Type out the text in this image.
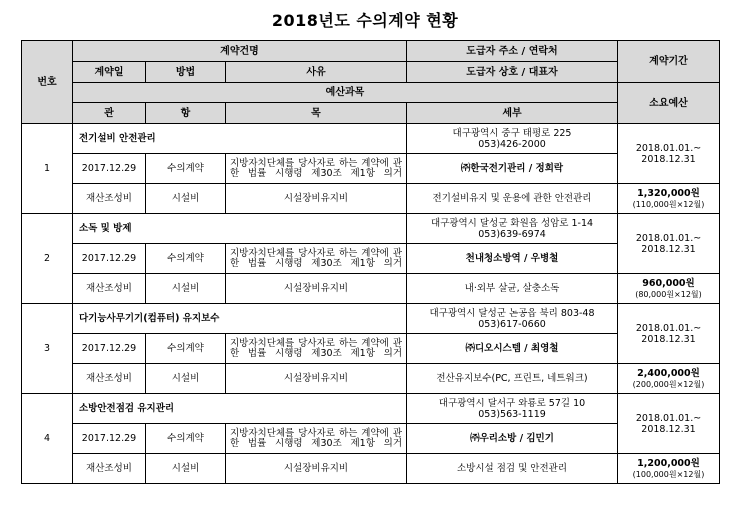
2018년도 수의계약 현황
번호	계약건명			도급자 주소 / 연락처	계약기간
	계약일	방법	사유	도급자 상호 / 대표자	
	예산과목				소요예산
	관	항	목	세부	
1	전기설비 안전관리			대구광역시 중구 태평로 225
053)426-2000	2018.01.01.~
2018.12.31
	2017.12.29	수의계약	지방자치단체를 당사자로 하는 계약에 관한 법률 시행령 제30조 제1항 의거	㈜한국전기관리 / 정희락	
	재산조성비	시설비	시설장비유지비	전기설비유지 및 운용에 관한 안전관리	1,320,000원
(110,000원×12월)
2	소독 및 방제			대구광역시 달성군 화원읍 성암로 1-14
053)639-6974	2018.01.01.~
2018.12.31
	2017.12.29	수의계약	지방자치단체를 당사자로 하는 계약에 관한 법률 시행령 제30조 제1항 의거	천내청소방역 / 우병철	
	재산조성비	시설비	시설장비유지비	내·외부 살균, 살충소독	960,000원
(80,000원×12월)
3	다기능사무기기(컴퓨터) 유지보수			대구광역시 달성군 논공읍 북리 803-48
053)617-0660	2018.01.01.~
2018.12.31
	2017.12.29	수의계약	지방자치단체를 당사자로 하는 계약에 관한 법률 시행령 제30조 제1항 의거	㈜디오시스템 / 최영철	
	재산조성비	시설비	시설장비유지비	전산유지보수(PC, 프린트, 네트워크)	2,400,000원
(200,000원×12월)
4	소방안전점검 유지관리			대구광역시 달서구 와룡로 57길 10
053)563-1119	2018.01.01.~
2018.12.31
	2017.12.29	수의계약	지방자치단체를 당사자로 하는 계약에 관한 법률 시행령 제30조 제1항 의거	㈜우리소방 / 김민기	
	재산조성비	시설비	시설장비유지비	소방시설 점검 및 안전관리	1,200,000원
(100,000원×12월)
